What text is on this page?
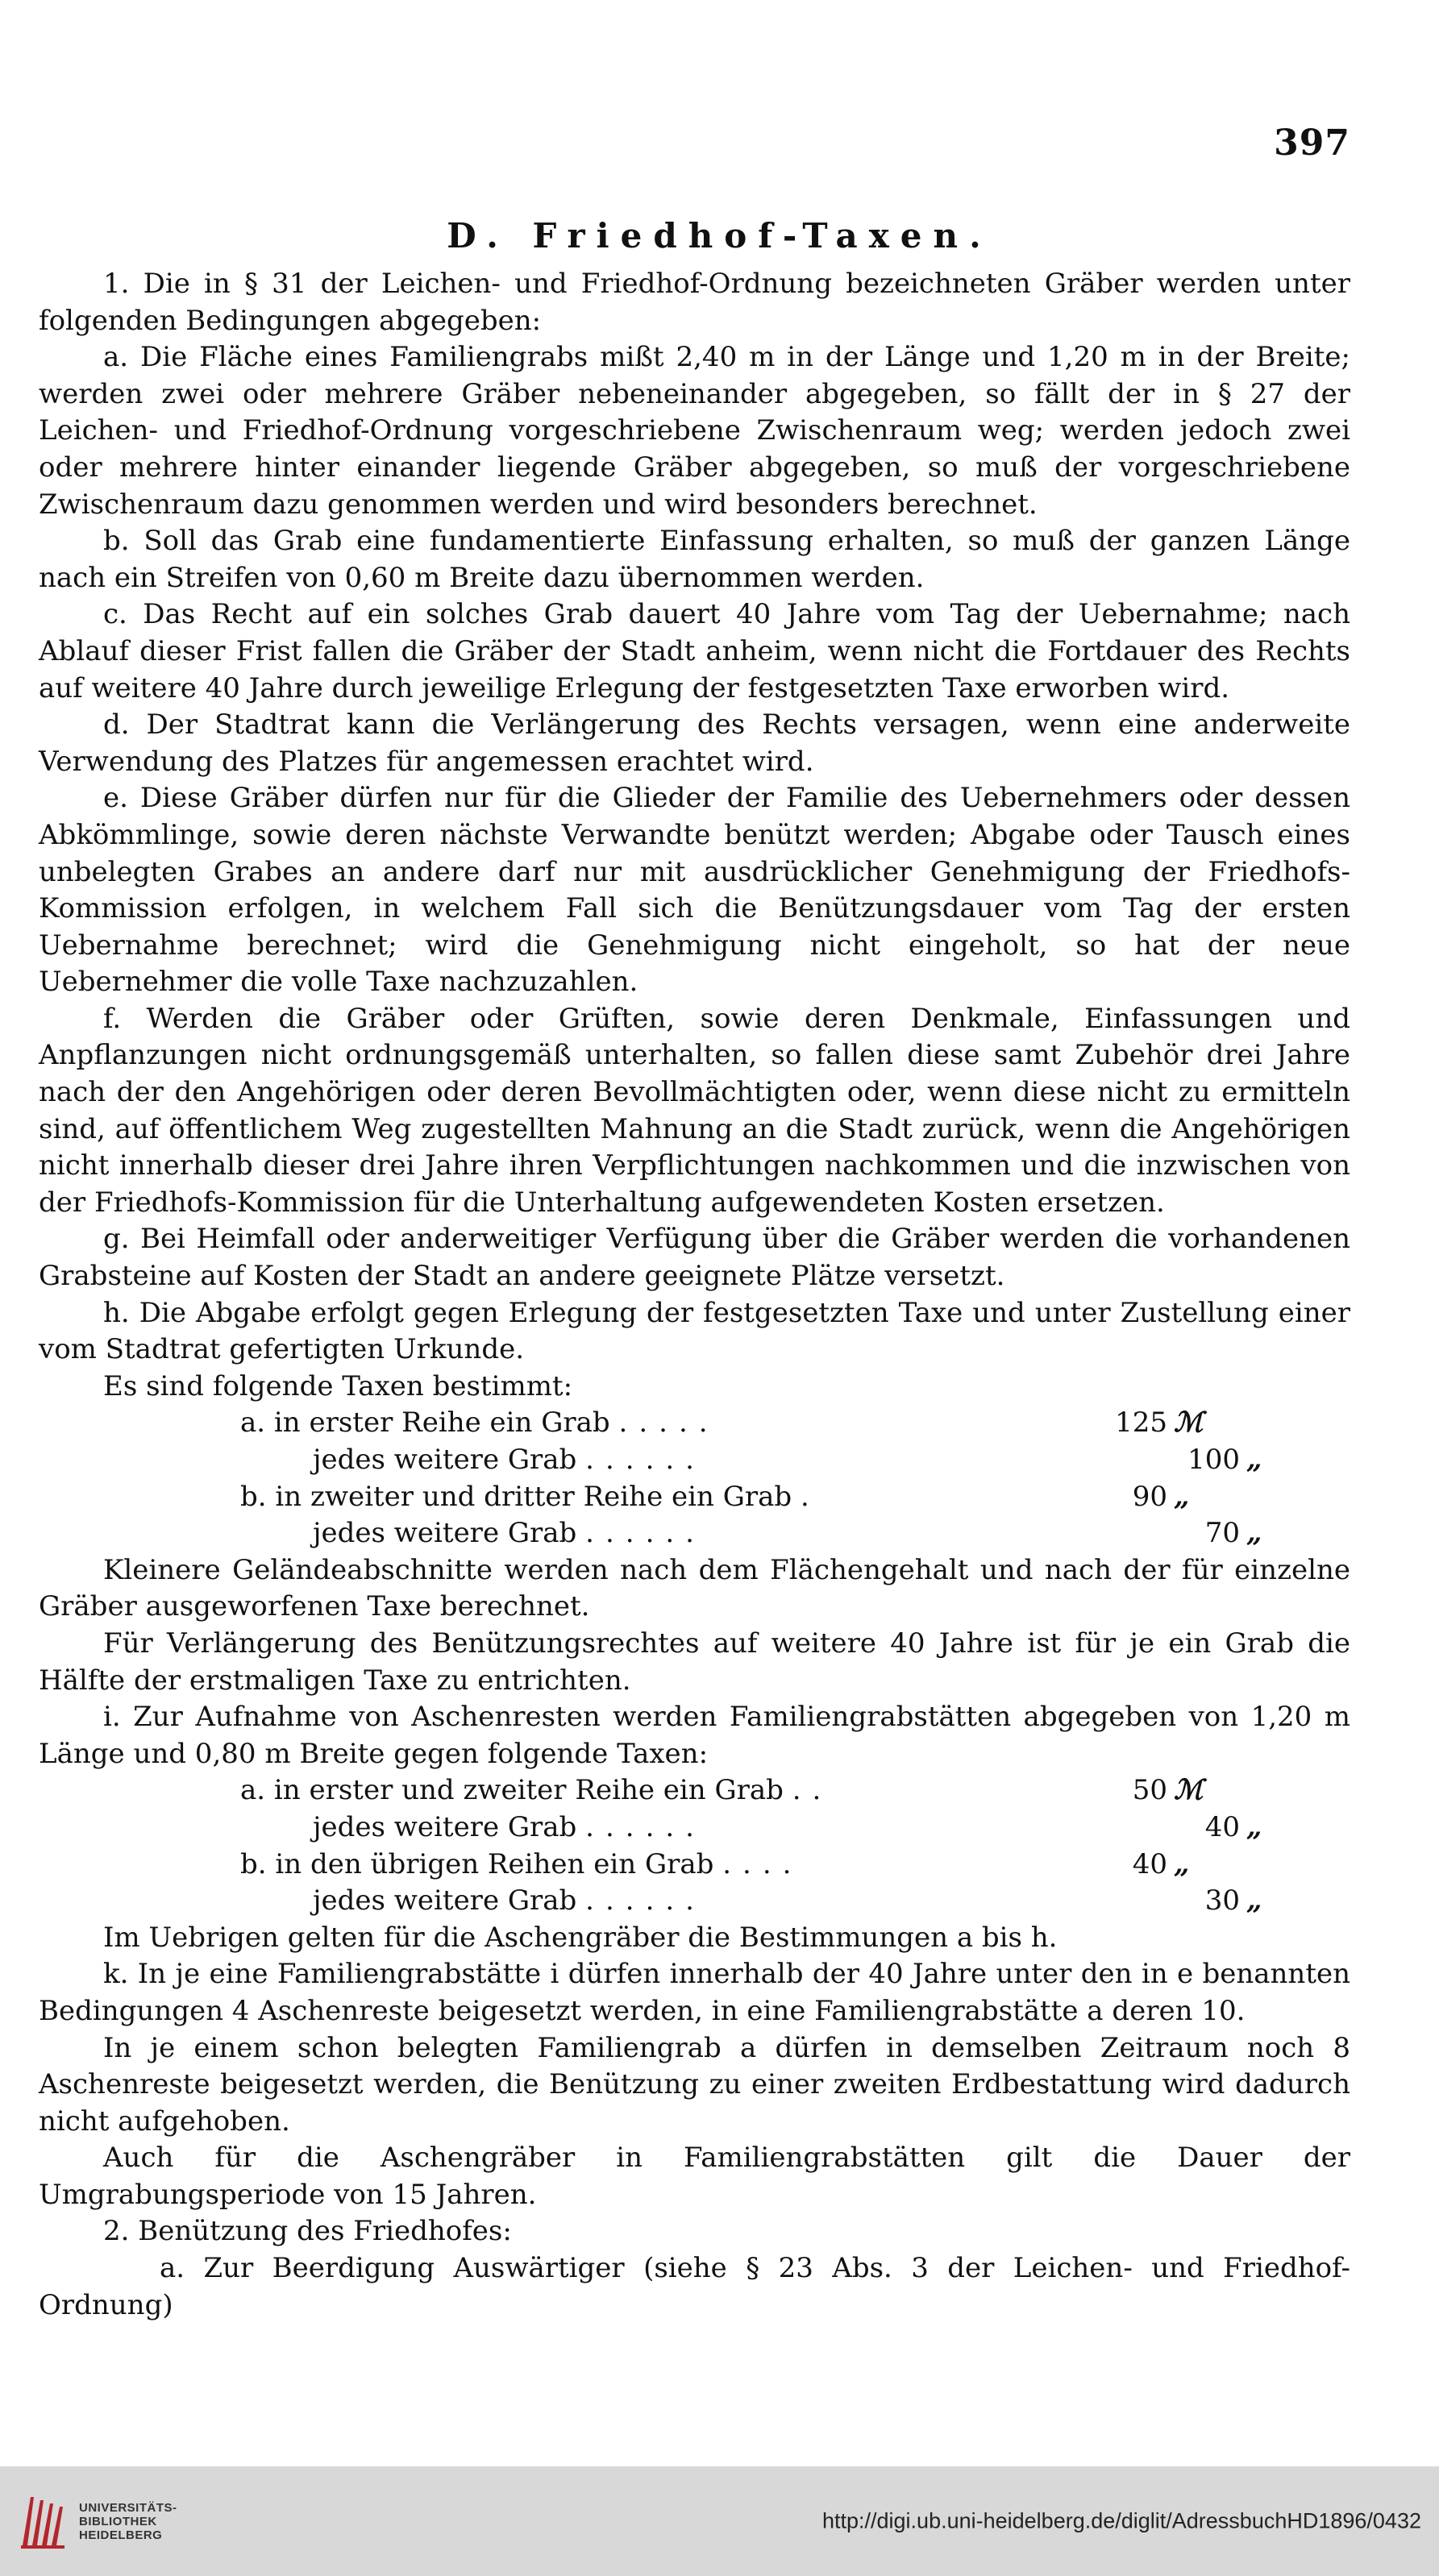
397
D. Friedhof-Taxen.

1. Die in § 31 der Leichen- und Friedhof-Ordnung bezeichneten Gräber werden unter folgenden Bedingungen abgegeben:

a. Die Fläche eines Familiengrabs mißt 2,40 m in der Länge und 1,20 m in der Breite; werden zwei oder mehrere Gräber nebeneinander abgegeben, so fällt der in § 27 der Leichen- und Friedhof-Ordnung vorgeschriebene Zwischenraum weg; werden jedoch zwei oder mehrere hinter einander liegende Gräber abgegeben, so muß der vorgeschriebene Zwischenraum dazu genommen werden und wird besonders berechnet.

b. Soll das Grab eine fundamentierte Einfassung erhalten, so muß der ganzen Länge nach ein Streifen von 0,60 m Breite dazu übernommen werden.

c. Das Recht auf ein solches Grab dauert 40 Jahre vom Tag der Uebernahme; nach Ablauf dieser Frist fallen die Gräber der Stadt anheim, wenn nicht die Fortdauer des Rechts auf weitere 40 Jahre durch jeweilige Erlegung der festgesetzten Taxe erworben wird.

d. Der Stadtrat kann die Verlängerung des Rechts versagen, wenn eine anderweite Verwendung des Platzes für angemessen erachtet wird.

e. Diese Gräber dürfen nur für die Glieder der Familie des Uebernehmers oder dessen Abkömmlinge, sowie deren nächste Verwandte benützt werden; Abgabe oder Tausch eines unbelegten Grabes an andere darf nur mit ausdrücklicher Genehmigung der Friedhofs-Kommission erfolgen, in welchem Fall sich die Benützungsdauer vom Tag der ersten Uebernahme berechnet; wird die Genehmigung nicht eingeholt, so hat der neue Uebernehmer die volle Taxe nachzuzahlen.

f. Werden die Gräber oder Grüften, sowie deren Denkmale, Einfassungen und Anpflanzungen nicht ordnungsgemäß unterhalten, so fallen diese samt Zubehör drei Jahre nach der den Angehörigen oder deren Bevollmächtigten oder, wenn diese nicht zu ermitteln sind, auf öffentlichem Weg zugestellten Mahnung an die Stadt zurück, wenn die Angehörigen nicht innerhalb dieser drei Jahre ihren Verpflichtungen nachkommen und die inzwischen von der Friedhofs-Kommission für die Unterhaltung aufgewendeten Kosten ersetzen.

g. Bei Heimfall oder anderweitiger Verfügung über die Gräber werden die vorhandenen Grabsteine auf Kosten der Stadt an andere geeignete Plätze versetzt.

h. Die Abgabe erfolgt gegen Erlegung der festgesetzten Taxe und unter Zustellung einer vom Stadtrat gefertigten Urkunde.

Es sind folgende Taxen bestimmt:

a. in erster Reihe ein Grab .....	125 ℳ
jedes weitere Grab ......	100 „
b. in zweiter und dritter Reihe ein Grab .	90 „
jedes weitere Grab ......	70 „

Kleinere Geländeabschnitte werden nach dem Flächengehalt und nach der für einzelne Gräber ausgeworfenen Taxe berechnet.

Für Verlängerung des Benützungsrechtes auf weitere 40 Jahre ist für je ein Grab die Hälfte der erstmaligen Taxe zu entrichten.

i. Zur Aufnahme von Aschenresten werden Familiengrabstätten abgegeben von 1,20 m Länge und 0,80 m Breite gegen folgende Taxen:

a. in erster und zweiter Reihe ein Grab ..	50 ℳ
jedes weitere Grab ......	40 „
b. in den übrigen Reihen ein Grab ....	40 „
jedes weitere Grab ......	30 „

Im Uebrigen gelten für die Aschengräber die Bestimmungen a bis h.

k. In je eine Familiengrabstätte i dürfen innerhalb der 40 Jahre unter den in e benannten Bedingungen 4 Aschenreste beigesetzt werden, in eine Familiengrabstätte a deren 10.

In je einem schon belegten Familiengrab a dürfen in demselben Zeitraum noch 8 Aschenreste beigesetzt werden, die Benützung zu einer zweiten Erdbestattung wird dadurch nicht aufgehoben.

Auch für die Aschengräber in Familiengrabstätten gilt die Dauer der Umgrabungsperiode von 15 Jahren.

2. Benützung des Friedhofes:

a. Zur Beerdigung Auswärtiger (siehe § 23 Abs. 3 der Leichen- und Friedhof-Ordnung)

UNIVERSITÄTS-
BIBLIOTHEK
HEIDELBERG
http://digi.ub.uni-heidelberg.de/diglit/AdressbuchHD1896/0432
